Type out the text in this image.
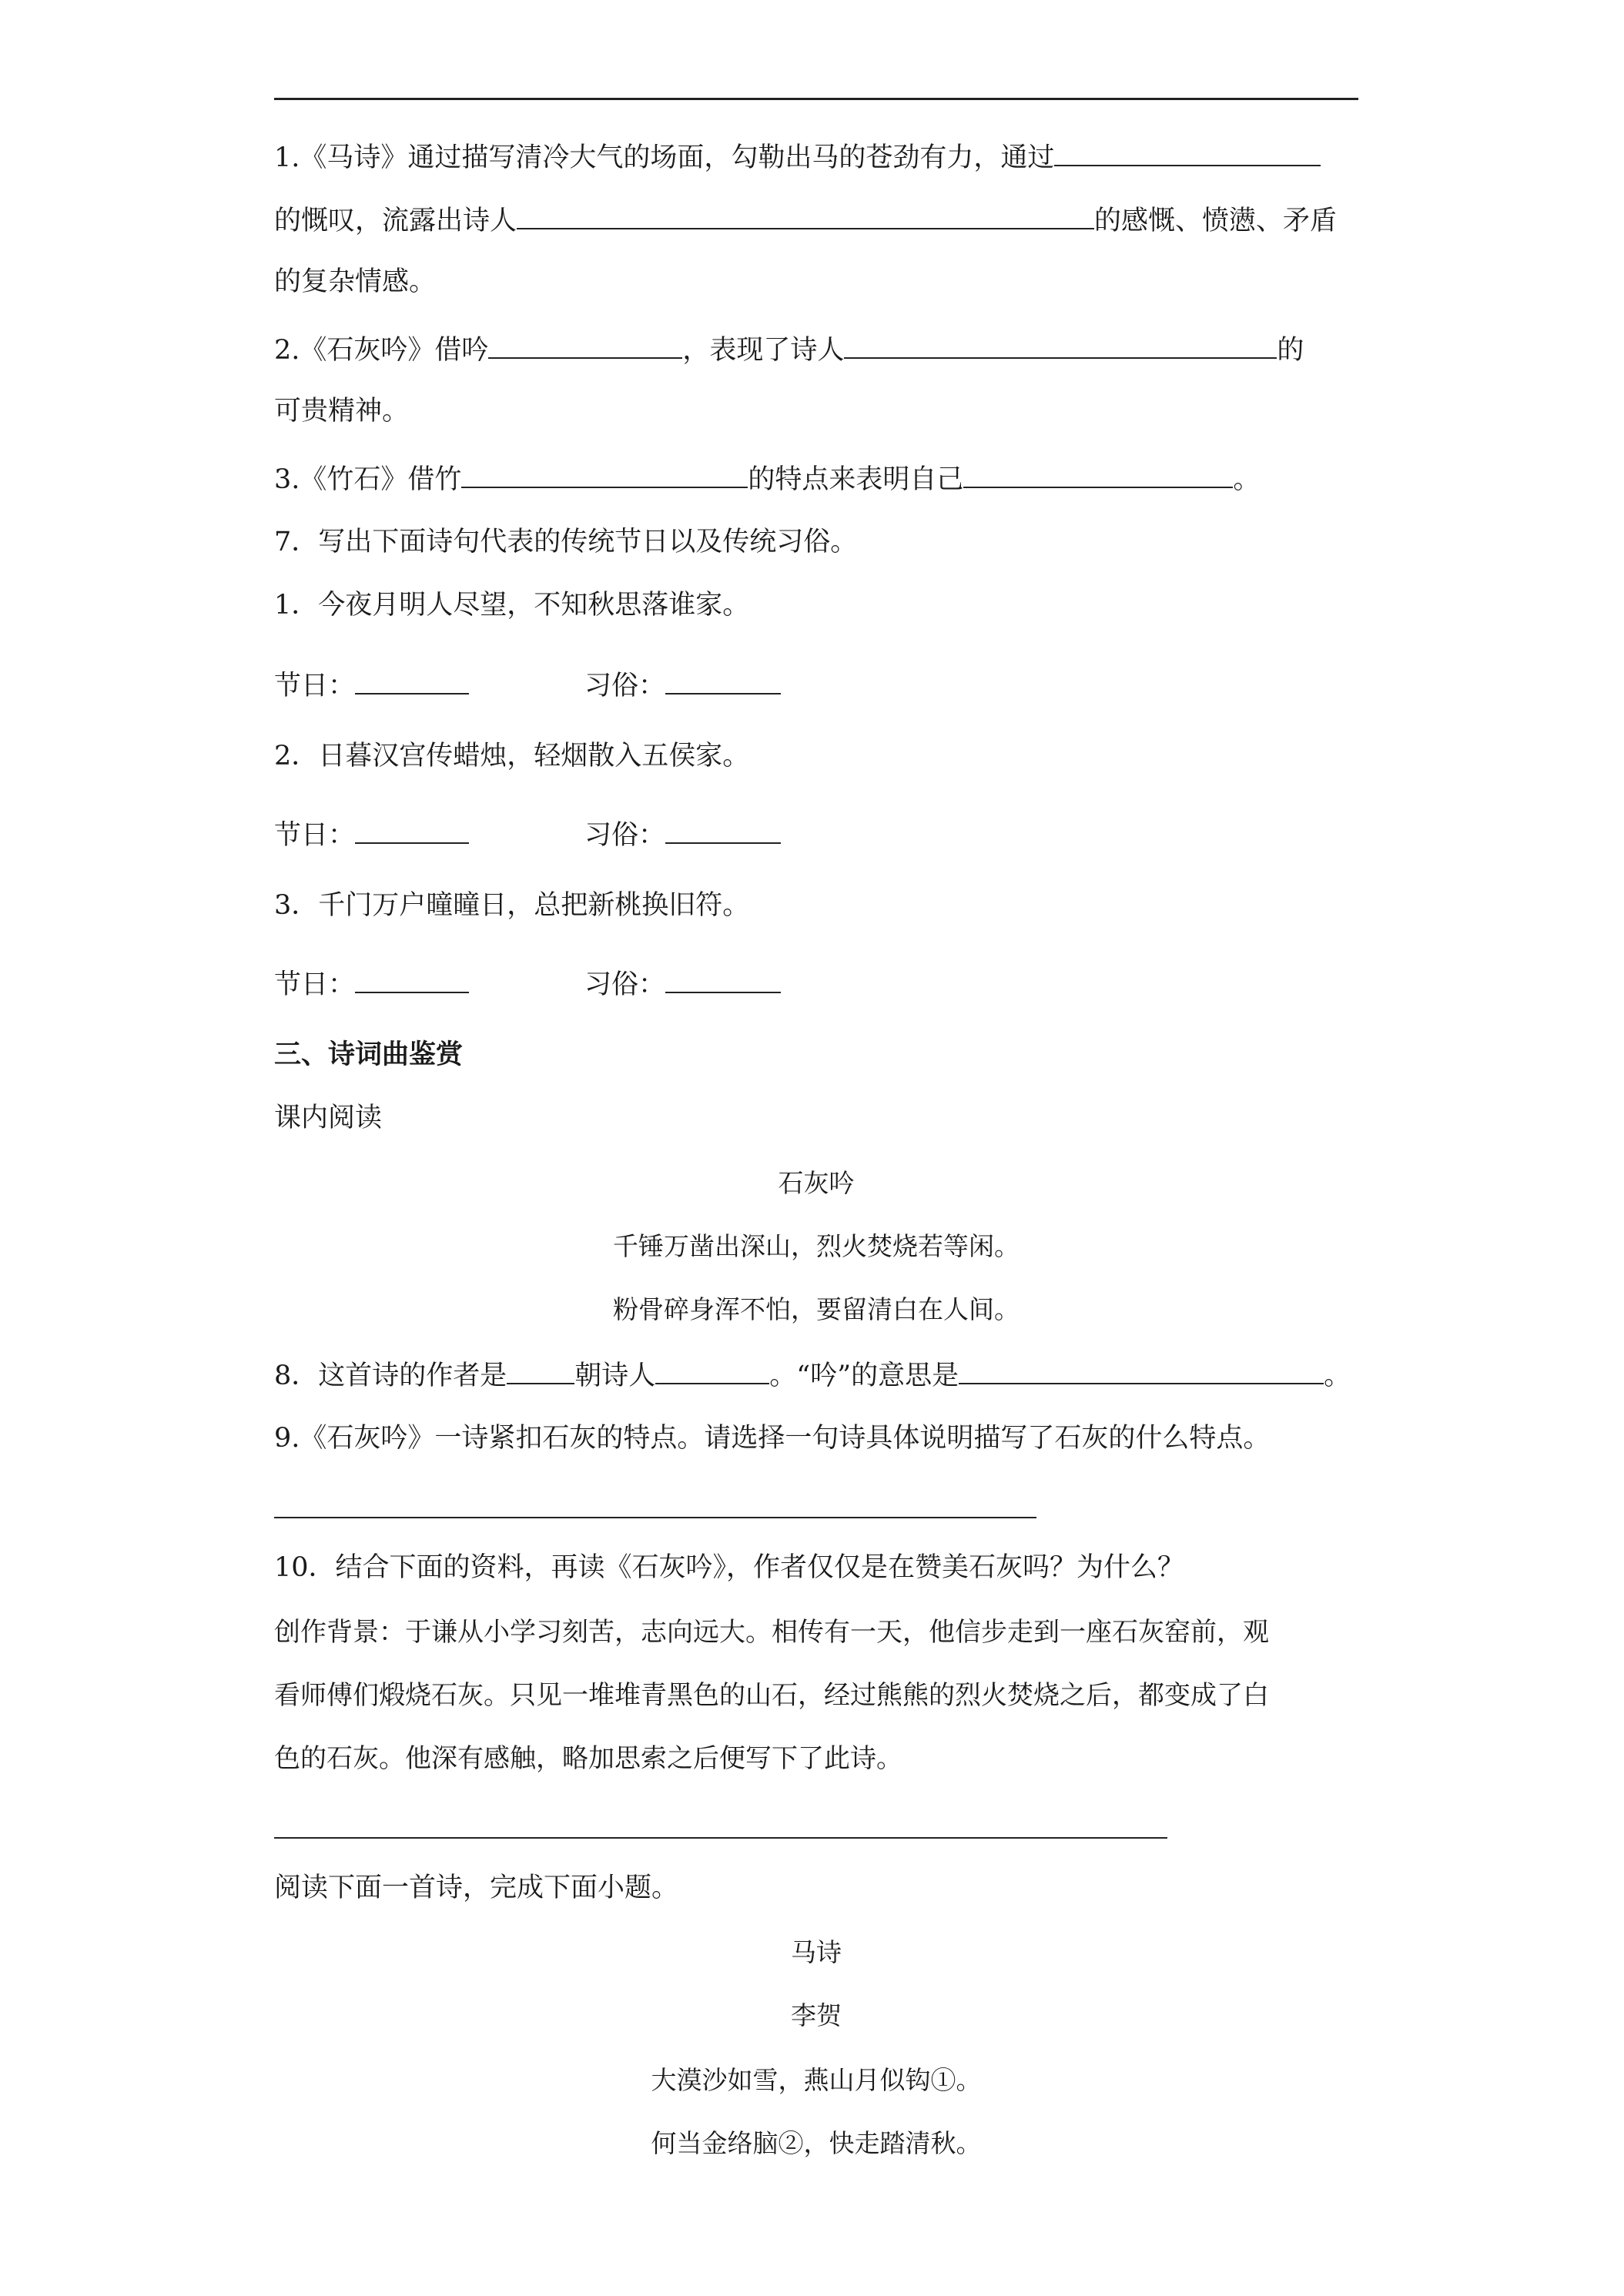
1.《马诗》通过描写清冷大气的场面，勾勒出马的苍劲有力，通过
的慨叹，流露出诗人	的感慨、愤懑、矛盾
的复杂情感。
2.《石灰吟》借吟	，表现了诗人	的
可贵精神。
3.《竹石》借竹	的特点来表明自己	。
7．写出下面诗句代表的传统节日以及传统习俗。
1．今夜月明人尽望，不知秋思落谁家。
节日：	习俗：
2．日暮汉宫传蜡烛，轻烟散入五侯家。
节日：	习俗：
3．千门万户曈曈日，总把新桃换旧符。
节日：	习俗：
三、诗词曲鉴赏
课内阅读
石灰吟
千锤万凿出深山，烈火焚烧若等闲。
粉骨碎身浑不怕，要留清白在人间。
8．这首诗的作者是	朝诗人	。“吟”的意思是	。
9.《石灰吟》一诗紧扣石灰的特点。请选择一句诗具体说明描写了石灰的什么特点。
10．结合下面的资料，再读《石灰吟》，作者仅仅是在赞美石灰吗？为什么？
创作背景：于谦从小学习刻苦，志向远大。相传有一天，他信步走到一座石灰窑前，观
看师傅们煅烧石灰。只见一堆堆青黑色的山石，经过熊熊的烈火焚烧之后，都变成了白
色的石灰。他深有感触，略加思索之后便写下了此诗。
阅读下面一首诗，完成下面小题。
马诗
李贺
大漠沙如雪，燕山月似钩①。
何当金络脑②，快走踏清秋。
